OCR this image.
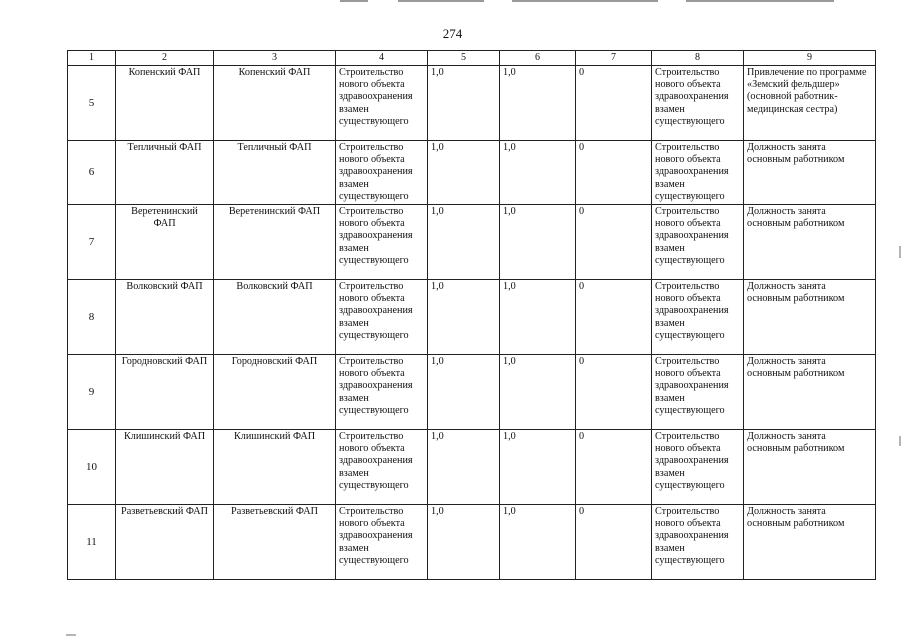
274
1	2	3	4	5	6	7	8	9
5	Копенский ФАП	Копенский ФАП	Строительство нового объекта здравоохранения взамен существующего	1,0	1,0	0	Строительство нового объекта здравоохранения взамен существующего	Привлечение по программе «Земский фельдшер» (основной работник- медицинская сестра)
6	Тепличный ФАП	Тепличный ФАП	Строительство нового объекта здравоохранения взамен существующего	1,0	1,0	0	Строительство нового объекта здравоохранения взамен существующего	Должность занята основным работником
7	Веретенинский ФАП	Веретенинский ФАП	Строительство нового объекта здравоохранения взамен существующего	1,0	1,0	0	Строительство нового объекта здравоохранения взамен существующего	Должность занята основным работником
8	Волковский ФАП	Волковский ФАП	Строительство нового объекта здравоохранения взамен существующего	1,0	1,0	0	Строительство нового объекта здравоохранения взамен существующего	Должность занята основным работником
9	Городновский ФАП	Городновский ФАП	Строительство нового объекта здравоохранения взамен существующего	1,0	1,0	0	Строительство нового объекта здравоохранения взамен существующего	Должность занята основным работником
10	Клишинский ФАП	Клишинский ФАП	Строительство нового объекта здравоохранения взамен существующего	1,0	1,0	0	Строительство нового объекта здравоохранения взамен существующего	Должность занята основным работником
11	Разветьевский ФАП	Разветьевский ФАП	Строительство нового объекта здравоохранения взамен существующего	1,0	1,0	0	Строительство нового объекта здравоохранения взамен существующего	Должность занята основным работником
